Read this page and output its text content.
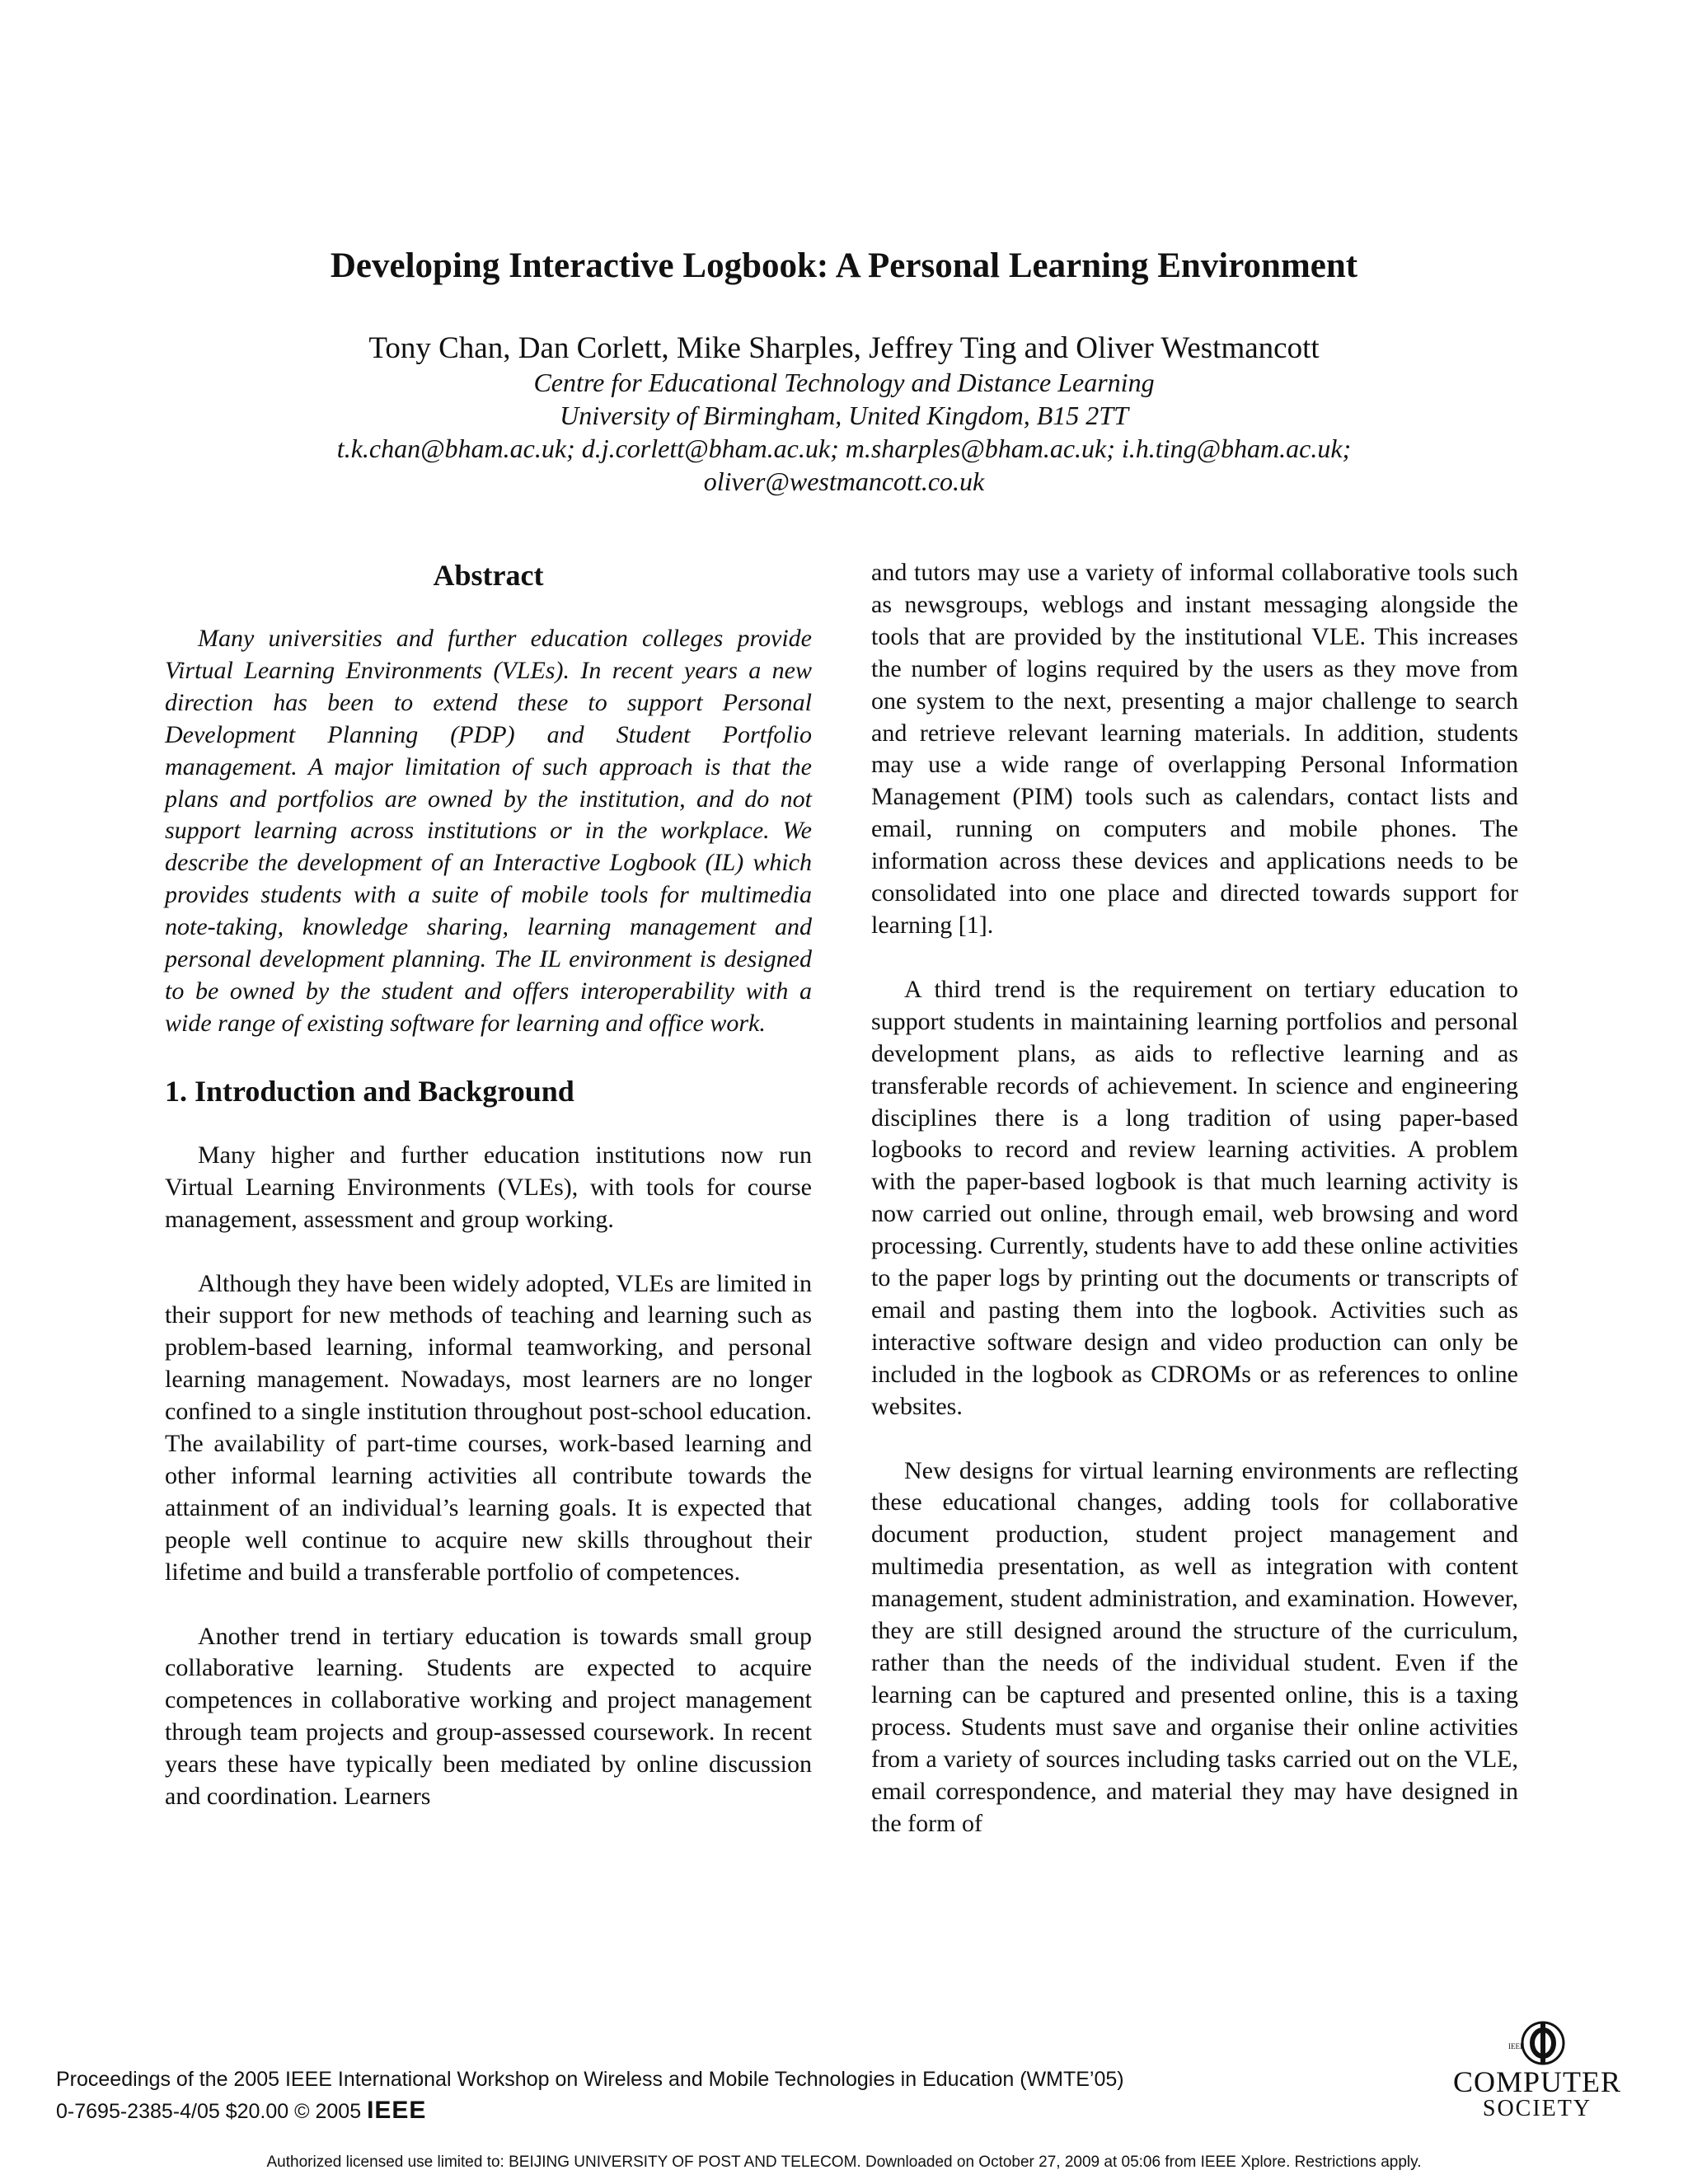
Developing Interactive Logbook: A Personal Learning Environment
Tony Chan, Dan Corlett, Mike Sharples, Jeffrey Ting and Oliver Westmancott
Centre for Educational Technology and Distance Learning
University of Birmingham, United Kingdom, B15 2TT
t.k.chan@bham.ac.uk; d.j.corlett@bham.ac.uk; m.sharples@bham.ac.uk; i.h.ting@bham.ac.uk;
oliver@westmancott.co.uk
Abstract

Many universities and further education colleges provide Virtual Learning Environments (VLEs). In recent years a new direction has been to extend these to support Personal Development Planning (PDP) and Student Portfolio management. A major limitation of such approach is that the plans and portfolios are owned by the institution, and do not support learning across institutions or in the workplace. We describe the development of an Interactive Logbook (IL) which provides students with a suite of mobile tools for multimedia note-taking, knowledge sharing, learning management and personal development planning. The IL environment is designed to be owned by the student and offers interoperability with a wide range of existing software for learning and office work.

1. Introduction and Background

Many higher and further education institutions now run Virtual Learning Environments (VLEs), with tools for course management, assessment and group working.

Although they have been widely adopted, VLEs are limited in their support for new methods of teaching and learning such as problem-based learning, informal teamworking, and personal learning management. Nowadays, most learners are no longer confined to a single institution throughout post-school education. The availability of part-time courses, work-based learning and other informal learning activities all contribute towards the attainment of an individual’s learning goals. It is expected that people well continue to acquire new skills throughout their lifetime and build a transferable portfolio of competences.

Another trend in tertiary education is towards small group collaborative learning. Students are expected to acquire competences in collaborative working and project management through team projects and group-assessed coursework. In recent years these have typically been mediated by online discussion and coordination. Learners

and tutors may use a variety of informal collaborative tools such as newsgroups, weblogs and instant messaging alongside the tools that are provided by the institutional VLE. This increases the number of logins required by the users as they move from one system to the next, presenting a major challenge to search and retrieve relevant learning materials. In addition, students may use a wide range of overlapping Personal Information Management (PIM) tools such as calendars, contact lists and email, running on computers and mobile phones. The information across these devices and applications needs to be consolidated into one place and directed towards support for learning [1].

A third trend is the requirement on tertiary education to support students in maintaining learning portfolios and personal development plans, as aids to reflective learning and as transferable records of achievement. In science and engineering disciplines there is a long tradition of using paper-based logbooks to record and review learning activities. A problem with the paper-based logbook is that much learning activity is now carried out online, through email, web browsing and word processing. Currently, students have to add these online activities to the paper logs by printing out the documents or transcripts of email and pasting them into the logbook. Activities such as interactive software design and video production can only be included in the logbook as CDROMs or as references to online websites.

New designs for virtual learning environments are reflecting these educational changes, adding tools for collaborative document production, student project management and multimedia presentation, as well as integration with content management, student administration, and examination. However, they are still designed around the structure of the curriculum, rather than the needs of the individual student. Even if the learning can be captured and presented online, this is a taxing process. Students must save and organise their online activities from a variety of sources including tasks carried out on the VLE, email correspondence, and material they may have designed in the form of

Proceedings of the 2005 IEEE International Workshop on Wireless and Mobile Technologies in Education (WMTE’05)
0-7695-2385-4/05 $20.00 © 2005 IEEE
Authorized licensed use limited to: BEIJING UNIVERSITY OF POST AND TELECOM. Downloaded on October 27, 2009 at 05:06 from IEEE Xplore. Restrictions apply.
IEEE
COMPUTER
SOCIETY
